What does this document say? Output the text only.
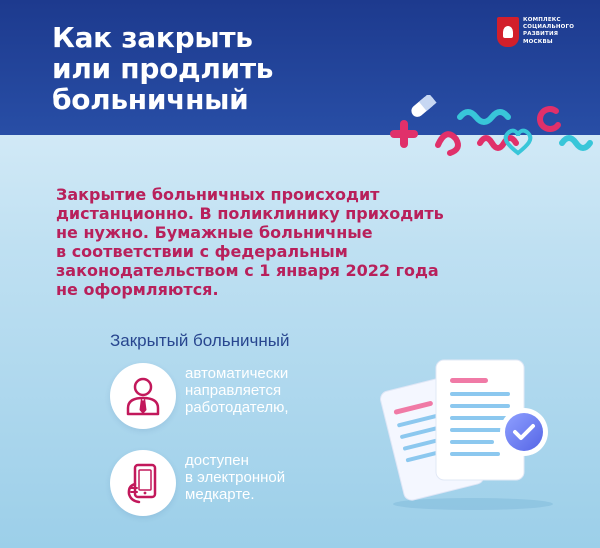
Как закрыть
или продлить
больничный
КОМПЛЕКС
СОЦИАЛЬНОГО
РАЗВИТИЯ
МОСКВЫ
Закрытие больничных происходит
дистанционно. В поликлинику приходить
не нужно. Бумажные больничные
в соответствии с федеральным
законодательством с 1 января 2022 года
не оформляются.
Закрытый больничный
автоматически
направляется
работодателю,
доступен
в электронной
медкарте.
